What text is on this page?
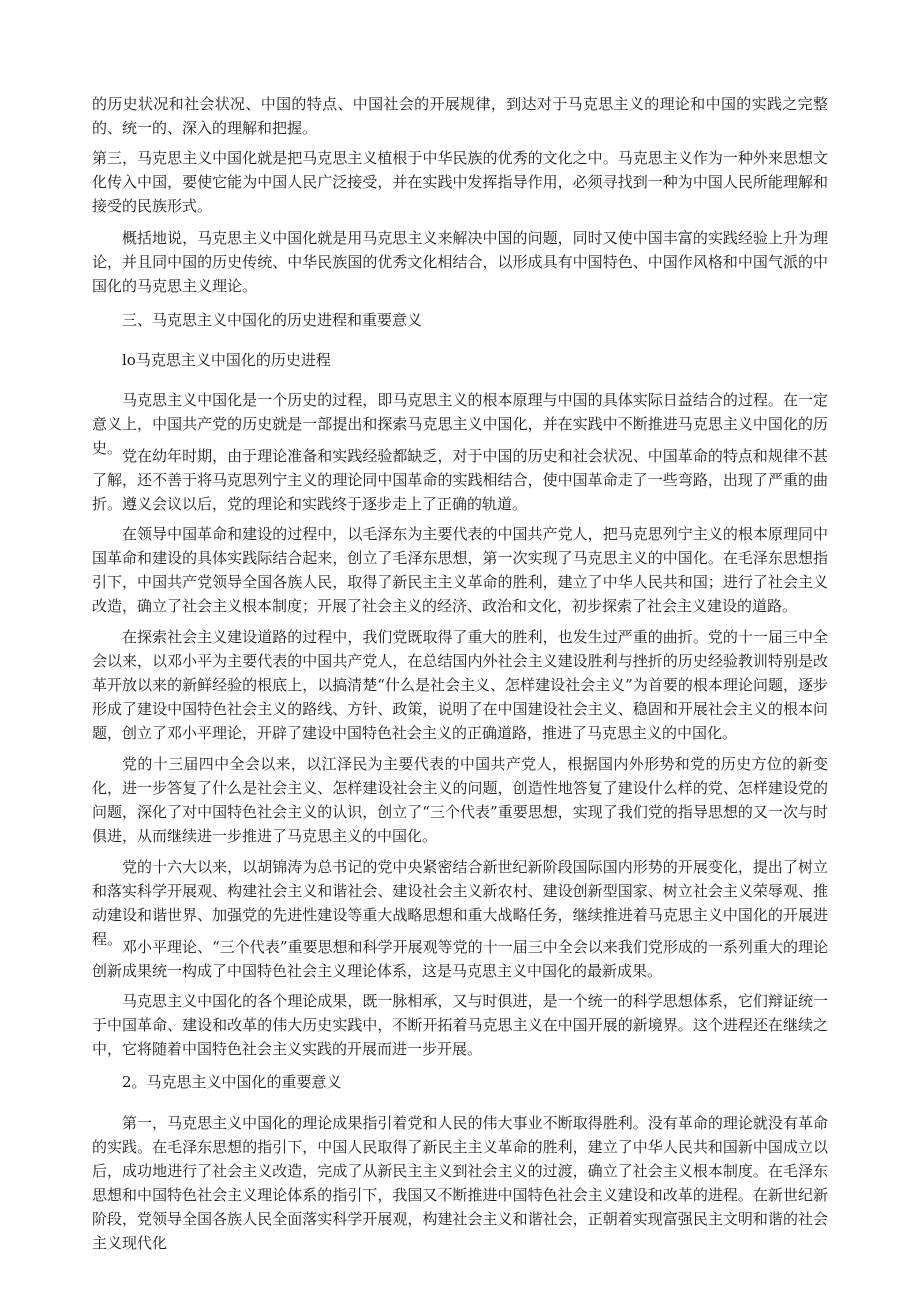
的历史状况和社会状况、中国的特点、中国社会的开展规律，到达对于马克思主义的理论和中国的实践之完整的、统一的、深入的理解和把握。

第三，马克思主义中国化就是把马克思主义植根于中华民族的优秀的文化之中。马克思主义作为一种外来思想文化传入中国，要使它能为中国人民广泛接受，并在实践中发挥指导作用，必须寻找到一种为中国人民所能理解和接受的民族形式。

概括地说，马克思主义中国化就是用马克思主义来解决中国的问题，同时又使中国丰富的实践经验上升为理论，并且同中国的历史传统、中华民族国的优秀文化相结合，以形成具有中国特色、中国作风格和中国气派的中国化的马克思主义理论。

三、马克思主义中国化的历史进程和重要意义

lo马克思主义中国化的历史进程

马克思主义中国化是一个历史的过程，即马克思主义的根本原理与中国的具体实际日益结合的过程。在一定意义上，中国共产党的历史就是一部提出和探索马克思主义中国化，并在实践中不断推进马克思主义中国化的历史。 党在幼年时期，由于理论准备和实践经验都缺乏，对于中国的历史和社会状况、中国革命的特点和规律不甚了解，还不善于将马克思列宁主义的理论同中国革命的实践相结合，使中国革命走了一些弯路，出现了严重的曲折。遵义会议以后，党的理论和实践终于逐步走上了正确的轨道。

在领导中国革命和建设的过程中，以毛泽东为主要代表的中国共产党人，把马克思列宁主义的根本原理同中国革命和建设的具体实践际结合起来，创立了毛泽东思想，第一次实现了马克思主义的中国化。在毛泽东思想指引下，中国共产党领导全国各族人民，取得了新民主主义革命的胜利，建立了中华人民共和国；进行了社会主义改造，确立了社会主义根本制度；开展了社会主义的经济、政治和文化，初步探索了社会主义建设的道路。

在探索社会主义建设道路的过程中，我们党既取得了重大的胜利，也发生过严重的曲折。党的十一届三中全会以来，以邓小平为主要代表的中国共产党人，在总结国内外社会主义建设胜利与挫折的历史经验教训特别是改革开放以来的新鲜经验的根底上，以搞清楚“什么是社会主义、怎样建设社会主义”为首要的根本理论问题，逐步形成了建设中国特色社会主义的路线、方针、政策，说明了在中国建设社会主义、稳固和开展社会主义的根本问题，创立了邓小平理论，开辟了建设中国特色社会主义的正确道路，推进了马克思主义的中国化。

党的十三届四中全会以来，以江泽民为主要代表的中国共产党人，根据国内外形势和党的历史方位的新变化，进一步答复了什么是社会主义、怎样建设社会主义的问题，创造性地答复了建设什么样的党、怎样建设党的问题，深化了对中国特色社会主义的认识，创立了“三个代表”重要思想，实现了我们党的指导思想的又一次与时俱进，从而继续进一步推进了马克思主义的中国化。

党的十六大以来，以胡锦涛为总书记的党中央紧密结合新世纪新阶段国际国内形势的开展变化，提出了树立和落实科学开展观、构建社会主义和谐社会、建设社会主义新农村、建设创新型国家、树立社会主义荣辱观、推动建设和谐世界、加强党的先进性建设等重大战略思想和重大战略任务，继续推进着马克思主义中国化的开展进程。 邓小平理论、“三个代表”重要思想和科学开展观等党的十一届三中全会以来我们党形成的一系列重大的理论创新成果统一构成了中国特色社会主义理论体系，这是马克思主义中国化的最新成果。

马克思主义中国化的各个理论成果，既一脉相承，又与时俱进，是一个统一的科学思想体系，它们辩证统一于中国革命、建设和改革的伟大历史实践中，不断开拓着马克思主义在中国开展的新境界。这个进程还在继续之中，它将随着中国特色社会主义实践的开展而进一步开展。

2。马克思主义中国化的重要意义

第一，马克思主义中国化的理论成果指引着党和人民的伟大事业不断取得胜利。没有革命的理论就没有革命的实践。在毛泽东思想的指引下，中国人民取得了新民主主义革命的胜利，建立了中华人民共和国新中国成立以后，成功地进行了社会主义改造，完成了从新民主主义到社会主义的过渡，确立了社会主义根本制度。在毛泽东思想和中国特色社会主义理论体系的指引下，我国又不断推进中国特色社会主义建设和改革的进程。在新世纪新阶段，党领导全国各族人民全面落实科学开展观，构建社会主义和谐社会，正朝着实现富强民主文明和谐的社会主义现代化
